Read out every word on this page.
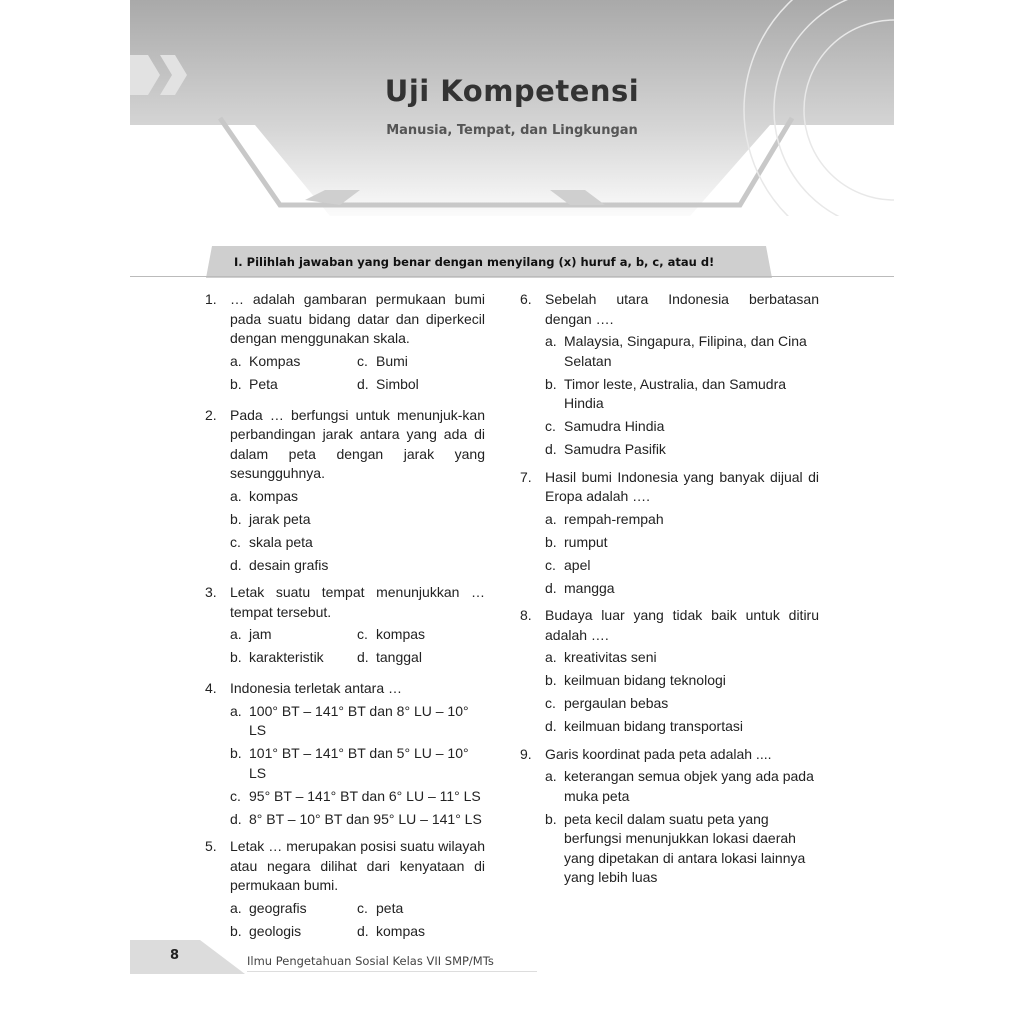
Uji Kompetensi
Manusia, Tempat, dan Lingkungan
I. Pilihlah jawaban yang benar dengan menyilang (x) huruf a, b, c, atau d!
1. … adalah gambaran permukaan bumi pada suatu bidang datar dan diperkecil dengan menggunakan skala.
a. Kompas	c. Bumi
b. Peta	d. Simbol
2. Pada … berfungsi untuk menunjuk-kan perbandingan jarak antara yang ada di dalam peta dengan jarak yang sesungguhnya.
a. kompas
b. jarak peta
c. skala peta
d. desain grafis
3. Letak suatu tempat menunjukkan … tempat tersebut.
a. jam	c. kompas
b. karakteristik	d. tanggal
4. Indonesia terletak antara …
a. 100° BT – 141° BT dan 8° LU – 10° LS
b. 101° BT – 141° BT dan 5° LU – 10° LS
c. 95° BT – 141° BT dan 6° LU – 11° LS
d. 8° BT – 10° BT dan 95° LU – 141° LS
5. Letak … merupakan posisi suatu wilayah atau negara dilihat dari kenyataan di permukaan bumi.
a. geografis	c. peta
b. geologis	d. kompas
6. Sebelah utara Indonesia berbatasan dengan ….
a. Malaysia, Singapura, Filipina, dan Cina Selatan
b. Timor leste, Australia, dan Samudra Hindia
c. Samudra Hindia
d. Samudra Pasifik
7. Hasil bumi Indonesia yang banyak dijual di Eropa adalah ….
a. rempah-rempah
b. rumput
c. apel
d. mangga
8. Budaya luar yang tidak baik untuk ditiru adalah ….
a. kreativitas seni
b. keilmuan bidang teknologi
c. pergaulan bebas
d. keilmuan bidang transportasi
9. Garis koordinat pada peta adalah ....
a. keterangan semua objek yang ada pada muka peta
b. peta kecil dalam suatu peta yang berfungsi menunjukkan lokasi daerah yang dipetakan di antara lokasi lainnya yang lebih luas
8	Ilmu Pengetahuan Sosial Kelas VII SMP/MTs
